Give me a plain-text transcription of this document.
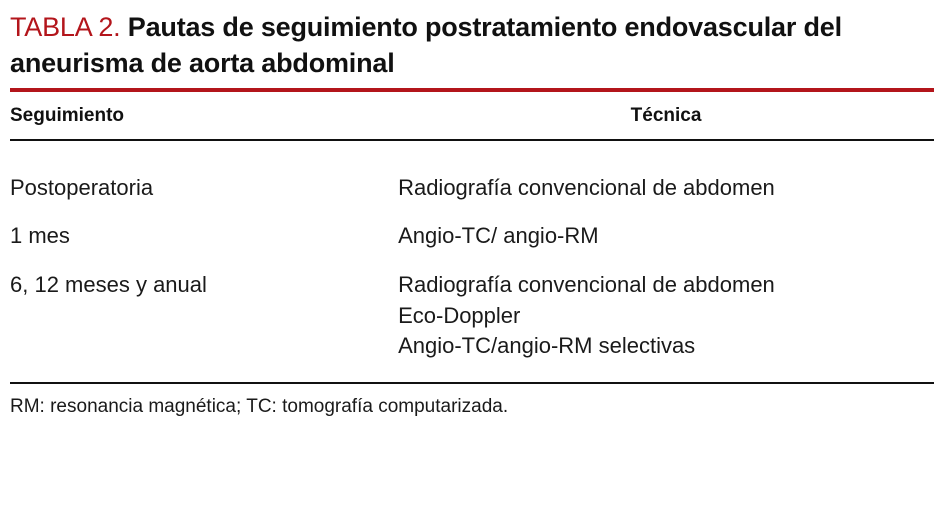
TABLA 2. Pautas de seguimiento postratamiento endovascular del aneurisma de aorta abdominal
Seguimiento	Técnica

Postoperatoria	Radiografía convencional de abdomen

1 mes	Angio-TC/ angio-RM

6, 12 meses y anual	Radiografía convencional de abdomen
Eco-Doppler
Angio-TC/angio-RM selectivas
RM: resonancia magnética; TC: tomografía computarizada.
